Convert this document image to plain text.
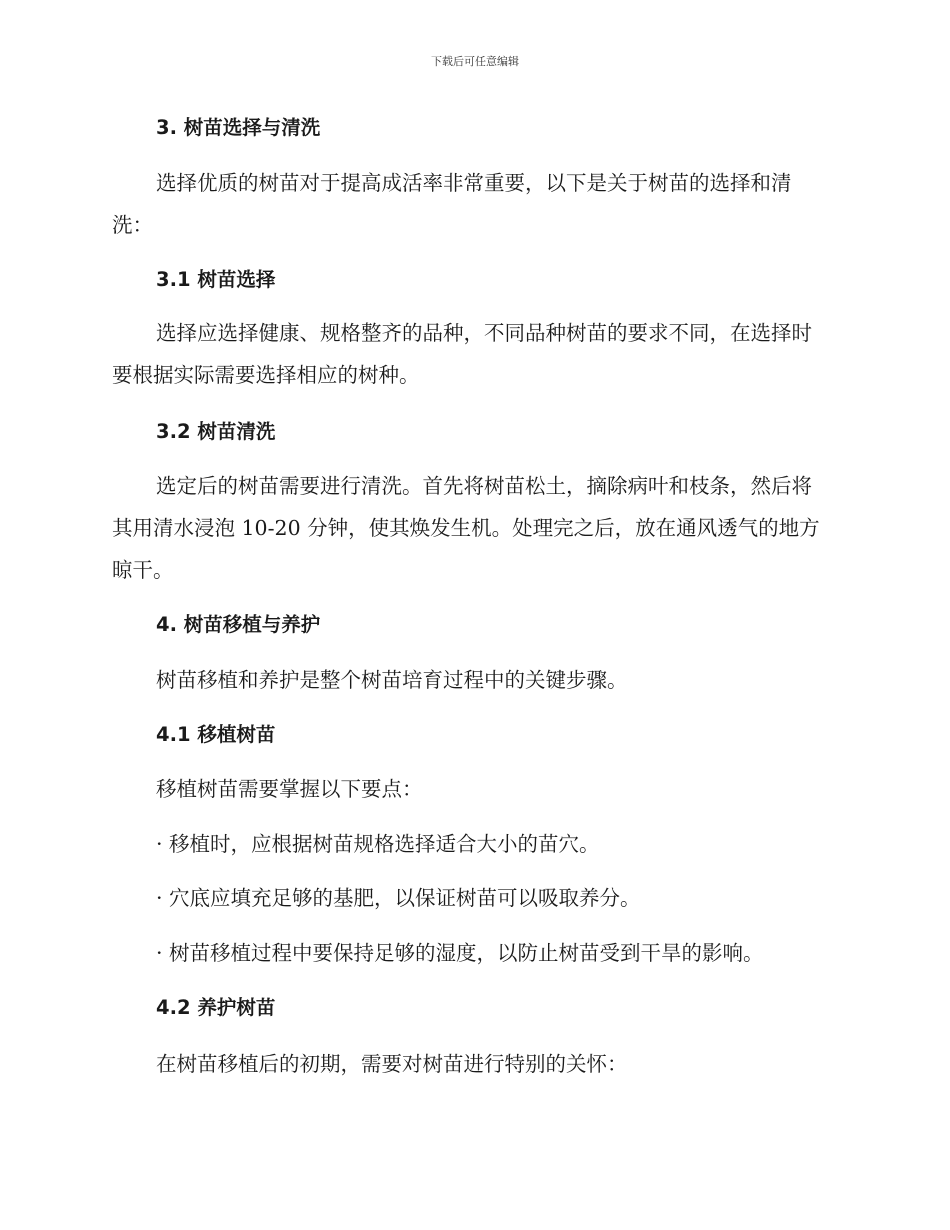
下载后可任意编辑
3. 树苗选择与清洗
选择优质的树苗对于提高成活率非常重要，以下是关于树苗的选择和清洗：
3.1 树苗选择
选择应选择健康、规格整齐的品种，不同品种树苗的要求不同，在选择时要根据实际需要选择相应的树种。
3.2 树苗清洗
选定后的树苗需要进行清洗。首先将树苗松土，摘除病叶和枝条，然后将其用清水浸泡 10-20 分钟，使其焕发生机。处理完之后，放在通风透气的地方晾干。
4. 树苗移植与养护
树苗移植和养护是整个树苗培育过程中的关键步骤。
4.1 移植树苗
移植树苗需要掌握以下要点：
· 移植时，应根据树苗规格选择适合大小的苗穴。
· 穴底应填充足够的基肥，以保证树苗可以吸取养分。
· 树苗移植过程中要保持足够的湿度，以防止树苗受到干旱的影响。
4.2 养护树苗
在树苗移植后的初期，需要对树苗进行特别的关怀：
